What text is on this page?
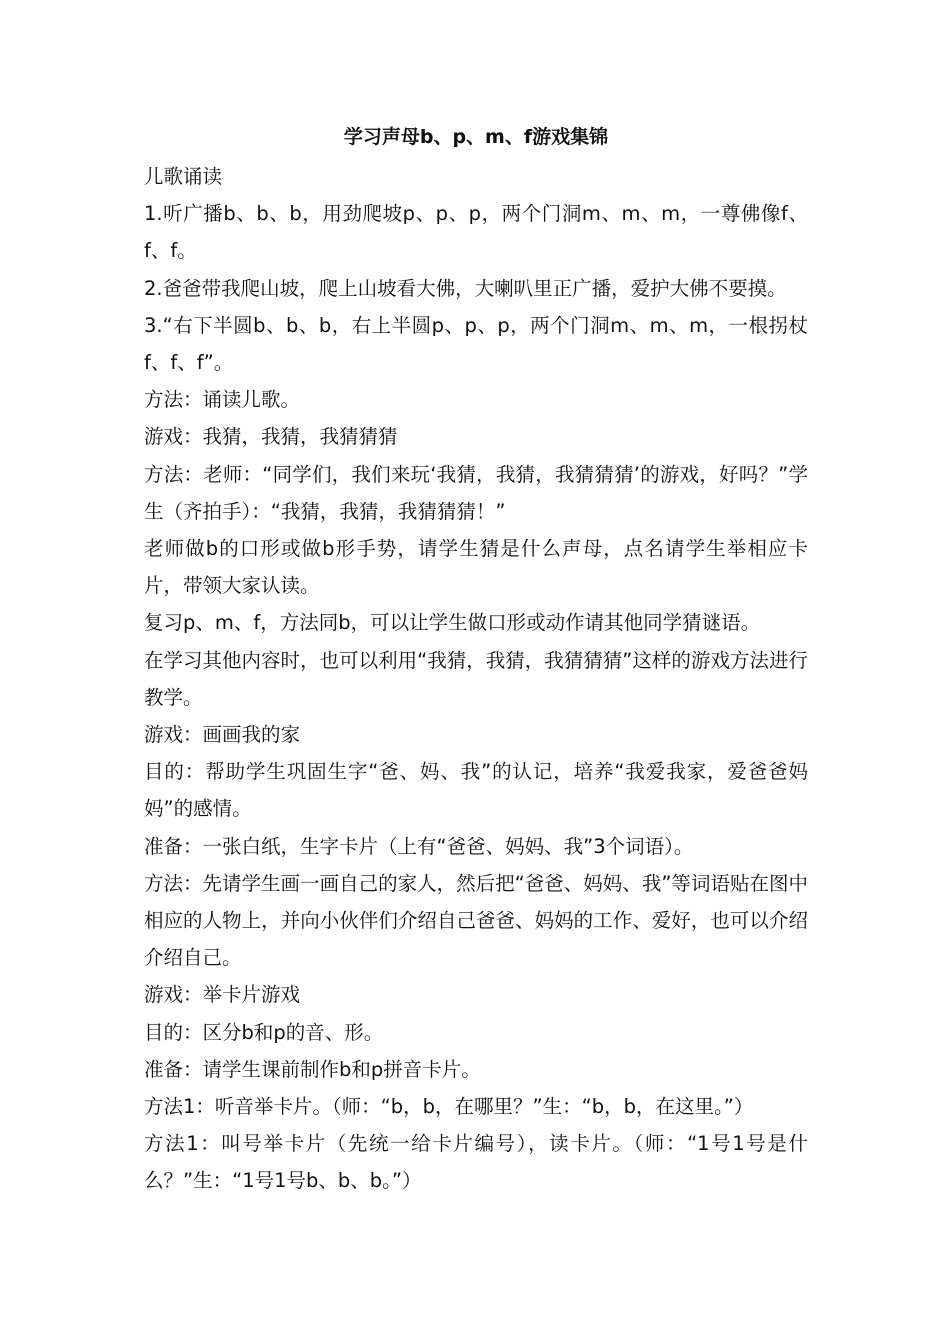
学习声母b、p、m、f游戏集锦

儿歌诵读

1.听广播b、b、b，用劲爬坡p、p、p，两个门洞m、m、m，一尊佛像f、f、f。

2.爸爸带我爬山坡，爬上山坡看大佛，大喇叭里正广播，爱护大佛不要摸。

3.“右下半圆b、b、b，右上半圆p、p、p，两个门洞m、m、m，一根拐杖f、f、f”。

方法：诵读儿歌。

游戏：我猜，我猜，我猜猜猜

方法：老师：“同学们，我们来玩‘我猜，我猜，我猜猜猜’的游戏，好吗？”学生（齐拍手）：“我猜，我猜，我猜猜猜！”

老师做b的口形或做b形手势，请学生猜是什么声母，点名请学生举相应卡片，带领大家认读。

复习p、m、f，方法同b，可以让学生做口形或动作请其他同学猜谜语。

在学习其他内容时，也可以利用“我猜，我猜，我猜猜猜”这样的游戏方法进行教学。

游戏：画画我的家

目的：帮助学生巩固生字“爸、妈、我”的认记，培养“我爱我家，爱爸爸妈妈”的感情。

准备：一张白纸，生字卡片（上有“爸爸、妈妈、我”3个词语）。

方法：先请学生画一画自己的家人，然后把“爸爸、妈妈、我”等词语贴在图中相应的人物上，并向小伙伴们介绍自己爸爸、妈妈的工作、爱好，也可以介绍介绍自己。

游戏：举卡片游戏

目的：区分b和p的音、形。

准备：请学生课前制作b和p拼音卡片。

方法1：听音举卡片。（师：“b，b，在哪里？”生：“b，b，在这里。”）

方法1：叫号举卡片（先统一给卡片编号），读卡片。（师：“1号1号是什么？”生：“1号1号b、b、b。”）
